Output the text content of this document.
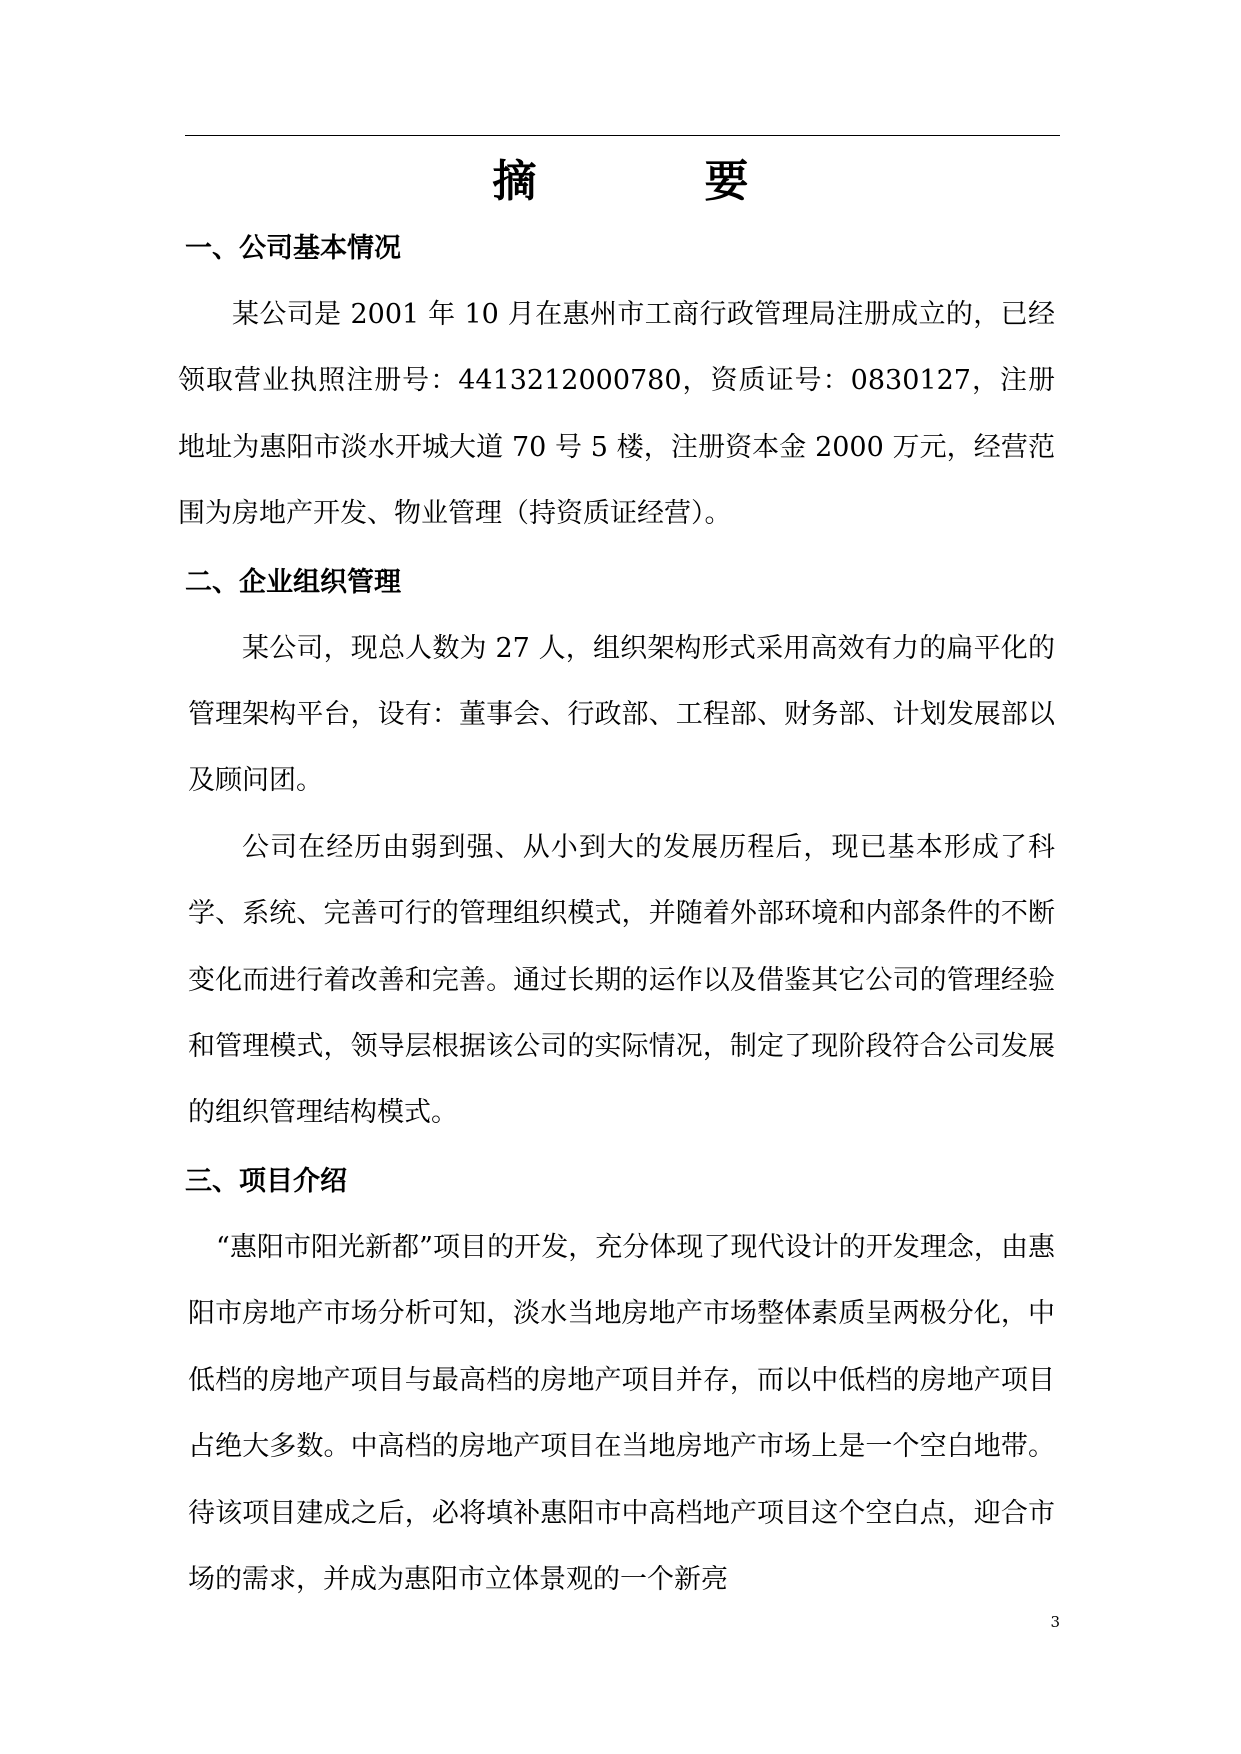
摘　要
一、公司基本情况

某公司是 2001 年 10 月在惠州市工商行政管理局注册成立的，已经领取营业执照注册号：4413212000780，资质证号：0830127，注册地址为惠阳市淡水开城大道 70 号 5 楼，注册资本金 2000 万元，经营范围为房地产开发、物业管理（持资质证经营）。

二、企业组织管理

某公司，现总人数为 27 人，组织架构形式采用高效有力的扁平化的管理架构平台，设有：董事会、行政部、工程部、财务部、计划发展部以及顾问团。

公司在经历由弱到强、从小到大的发展历程后，现已基本形成了科学、系统、完善可行的管理组织模式，并随着外部环境和内部条件的不断变化而进行着改善和完善。通过长期的运作以及借鉴其它公司的管理经验和管理模式，领导层根据该公司的实际情况，制定了现阶段符合公司发展的组织管理结构模式。

三、项目介绍

“惠阳市阳光新都”项目的开发，充分体现了现代设计的开发理念，由惠阳市房地产市场分析可知，淡水当地房地产市场整体素质呈两极分化，中低档的房地产项目与最高档的房地产项目并存，而以中低档的房地产项目占绝大多数。中高档的房地产项目在当地房地产市场上是一个空白地带。待该项目建成之后，必将填补惠阳市中高档地产项目这个空白点，迎合市场的需求，并成为惠阳市立体景观的一个新亮

3
